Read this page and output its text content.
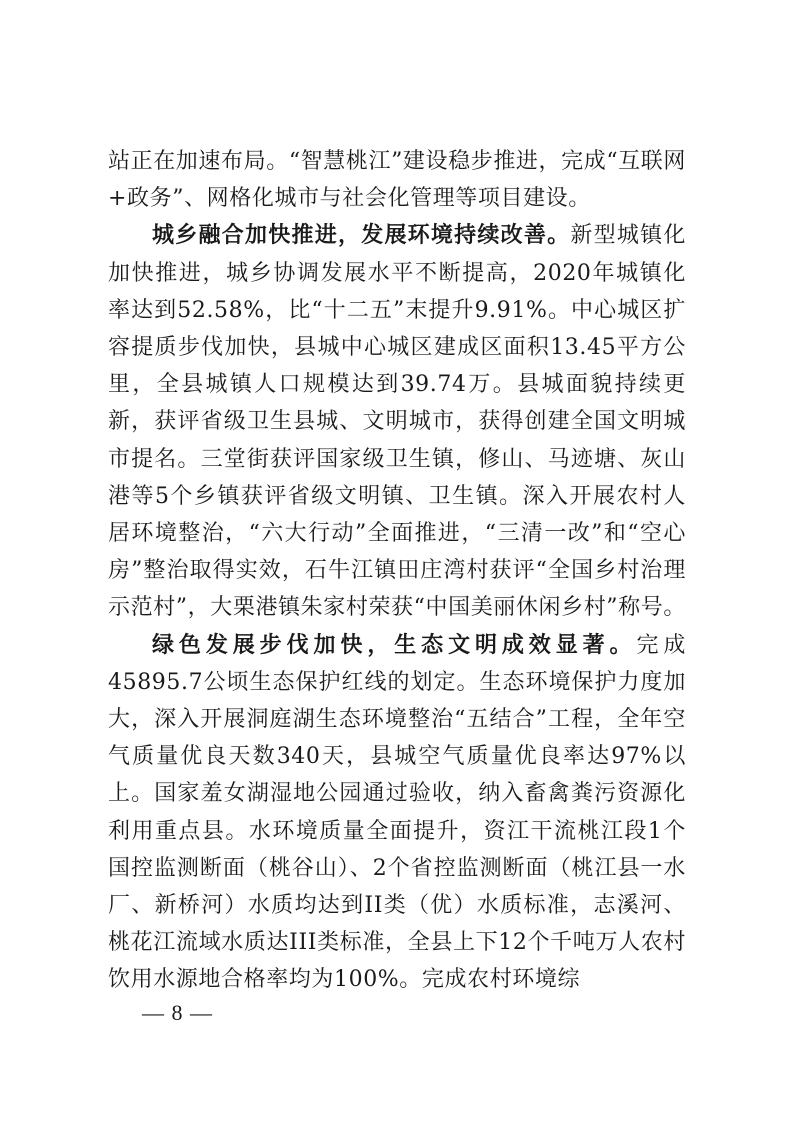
站正在加速布局。“智慧桃江”建设稳步推进，完成“互联网+政务”、网格化城市与社会化管理等项目建设。

城乡融合加快推进，发展环境持续改善。新型城镇化加快推进，城乡协调发展水平不断提高，2020年城镇化率达到52.58%，比“十二五”末提升9.91%。中心城区扩容提质步伐加快，县城中心城区建成区面积13.45平方公里，全县城镇人口规模达到39.74万。县城面貌持续更新，获评省级卫生县城、文明城市，获得创建全国文明城市提名。三堂街获评国家级卫生镇，修山、马迹塘、灰山港等5个乡镇获评省级文明镇、卫生镇。深入开展农村人居环境整治，“六大行动”全面推进，“三清一改”和“空心房”整治取得实效，石牛江镇田庄湾村获评“全国乡村治理示范村”，大栗港镇朱家村荣获“中国美丽休闲乡村”称号。

绿色发展步伐加快，生态文明成效显著。完成45895.7公顷生态保护红线的划定。生态环境保护力度加大，深入开展洞庭湖生态环境整治“五结合”工程，全年空气质量优良天数340天，县城空气质量优良率达97%以上。国家羞女湖湿地公园通过验收，纳入畜禽粪污资源化利用重点县。水环境质量全面提升，资江干流桃江段1个国控监测断面（桃谷山）、2个省控监测断面（桃江县一水厂、新桥河）水质均达到II类（优）水质标准，志溪河、桃花江流域水质达III类标准，全县上下12个千吨万人农村饮用水源地合格率均为100%。完成农村环境综

— 8 —
